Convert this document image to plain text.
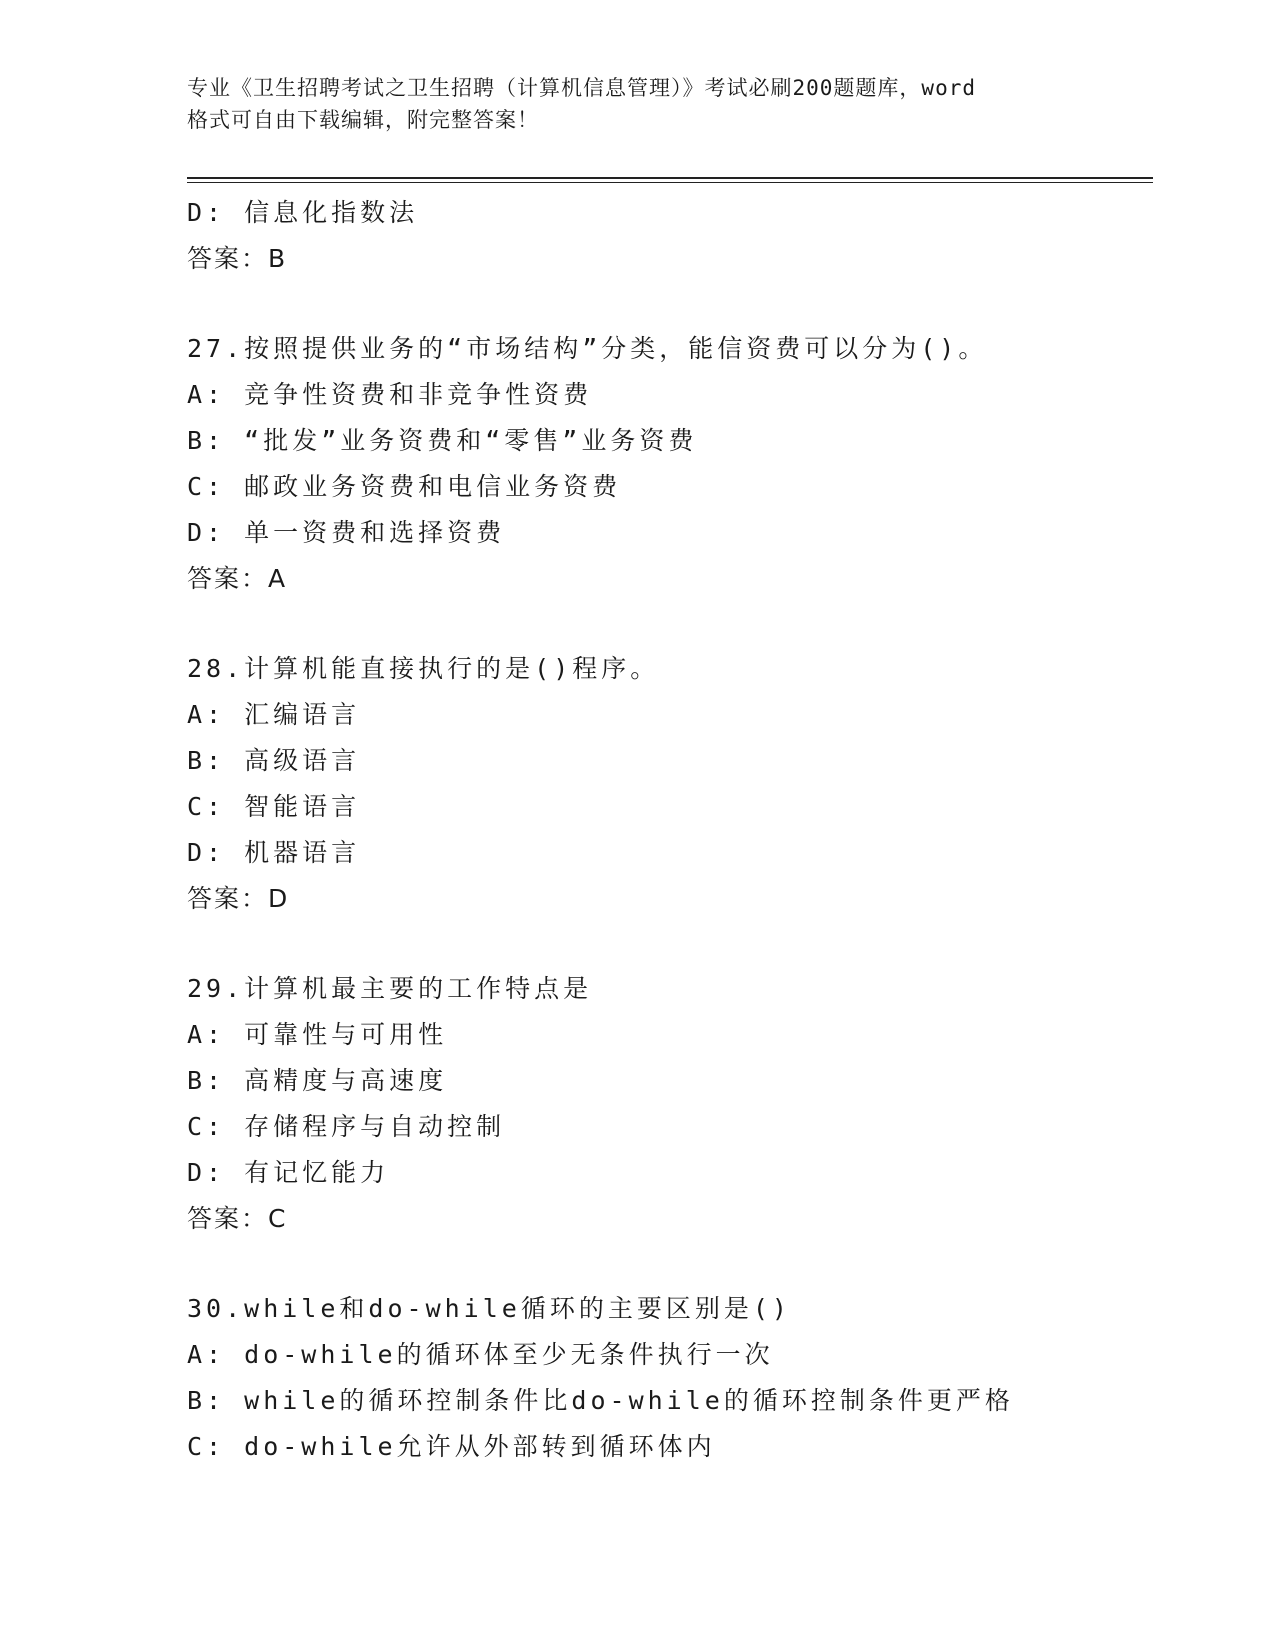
专业《卫生招聘考试之卫生招聘（计算机信息管理）》考试必刷200题题库，word
格式可自由下载编辑，附完整答案！
D: 信息化指数法
答案：B
27.按照提供业务的“市场结构”分类，能信资费可以分为()。
A: 竞争性资费和非竞争性资费
B: “批发”业务资费和“零售”业务资费
C: 邮政业务资费和电信业务资费
D: 单一资费和选择资费
答案：A
28.计算机能直接执行的是()程序。
A: 汇编语言
B: 高级语言
C: 智能语言
D: 机器语言
答案：D
29.计算机最主要的工作特点是
A: 可靠性与可用性
B: 高精度与高速度
C: 存储程序与自动控制
D: 有记忆能力
答案：C
30.while和do-while循环的主要区别是()
A: do-while的循环体至少无条件执行一次
B: while的循环控制条件比do-while的循环控制条件更严格
C: do-while允许从外部转到循环体内
